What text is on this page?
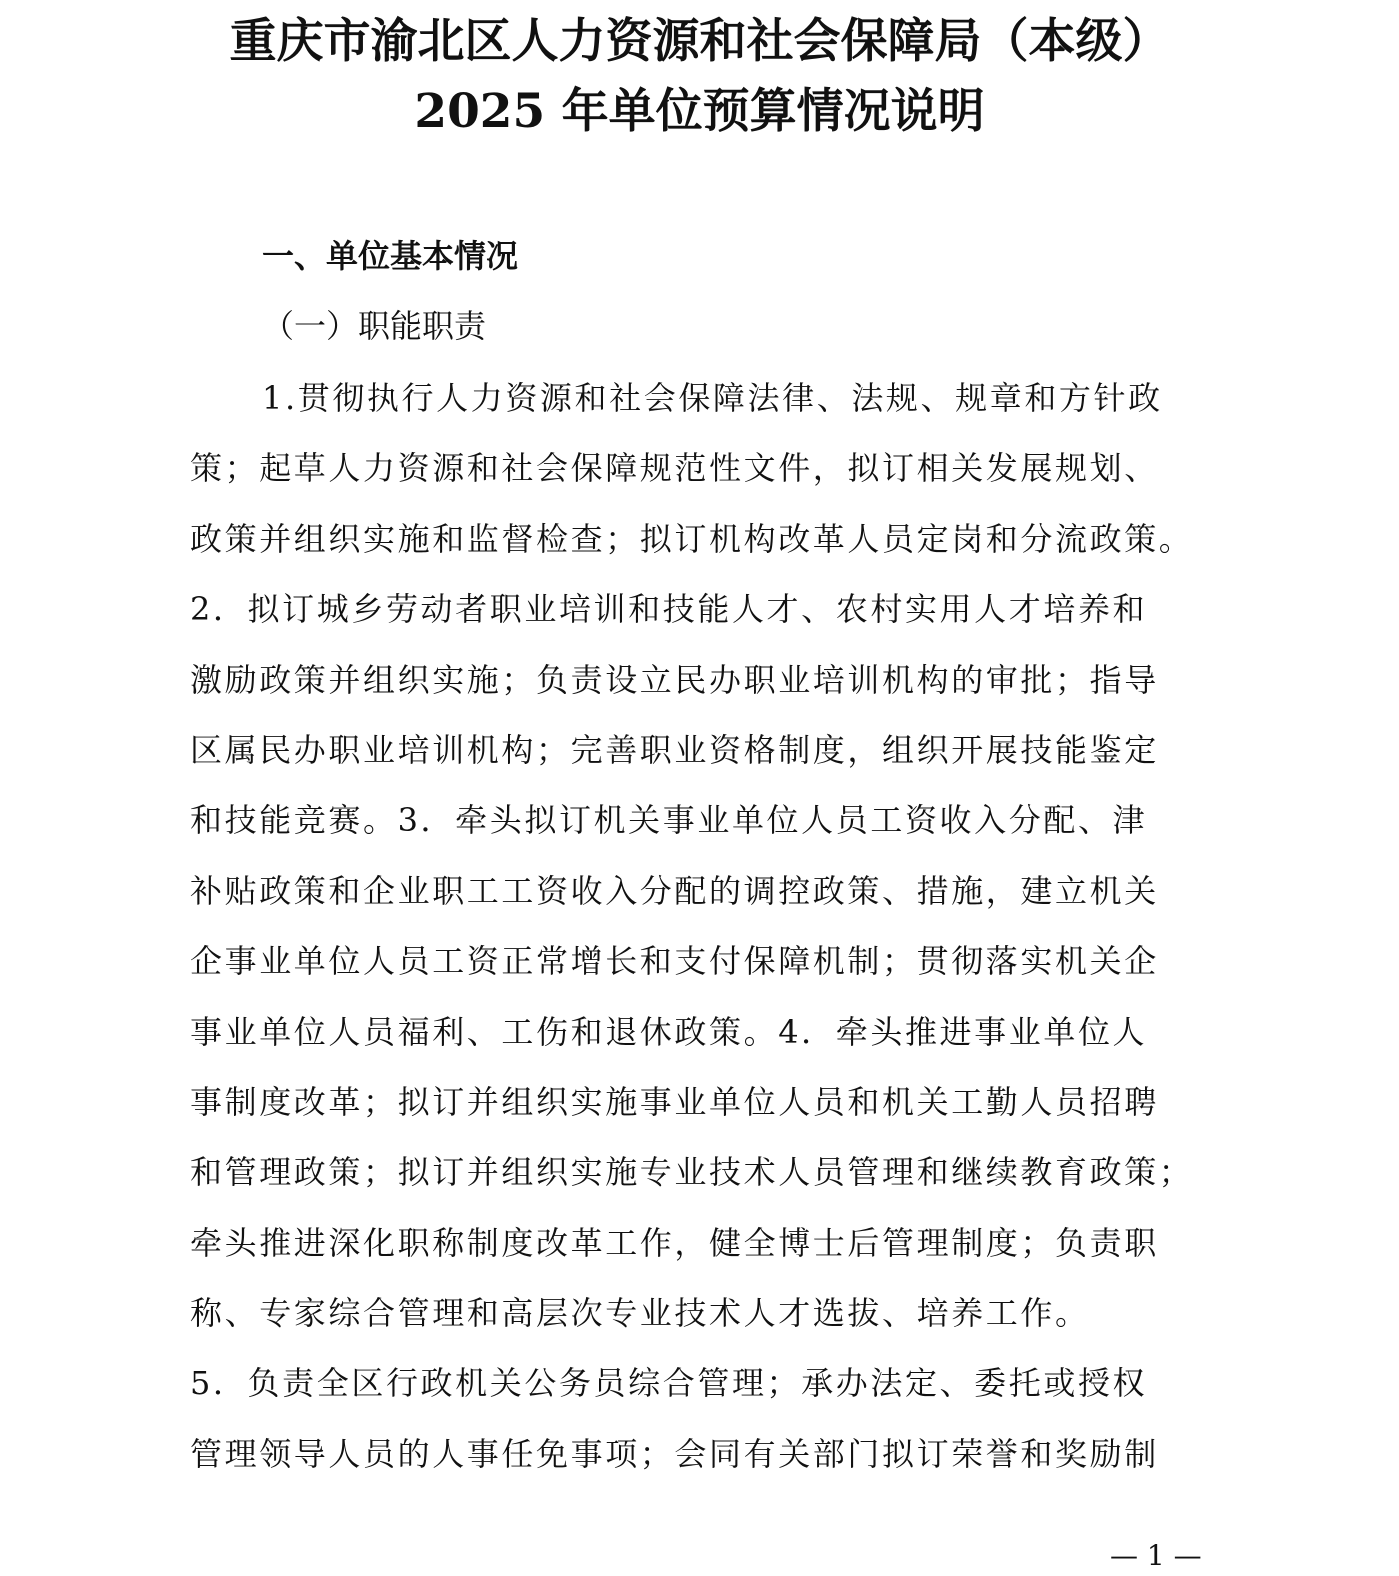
重庆市渝北区人力资源和社会保障局（本级）
2025 年单位预算情况说明
一、单位基本情况
（一）职能职责
1.贯彻执行人力资源和社会保障法律、法规、规章和方针政
策；起草人力资源和社会保障规范性文件，拟订相关发展规划、
政策并组织实施和监督检查；拟订机构改革人员定岗和分流政策。
2．拟订城乡劳动者职业培训和技能人才、农村实用人才培养和
激励政策并组织实施；负责设立民办职业培训机构的审批；指导
区属民办职业培训机构；完善职业资格制度，组织开展技能鉴定
和技能竞赛。3．牵头拟订机关事业单位人员工资收入分配、津
补贴政策和企业职工工资收入分配的调控政策、措施，建立机关
企事业单位人员工资正常增长和支付保障机制；贯彻落实机关企
事业单位人员福利、工伤和退休政策。4．牵头推进事业单位人
事制度改革；拟订并组织实施事业单位人员和机关工勤人员招聘
和管理政策；拟订并组织实施专业技术人员管理和继续教育政策；
牵头推进深化职称制度改革工作，健全博士后管理制度；负责职
称、专家综合管理和高层次专业技术人才选拔、培养工作。
5．负责全区行政机关公务员综合管理；承办法定、委托或授权
管理领导人员的人事任免事项；会同有关部门拟订荣誉和奖励制
— 1 —
